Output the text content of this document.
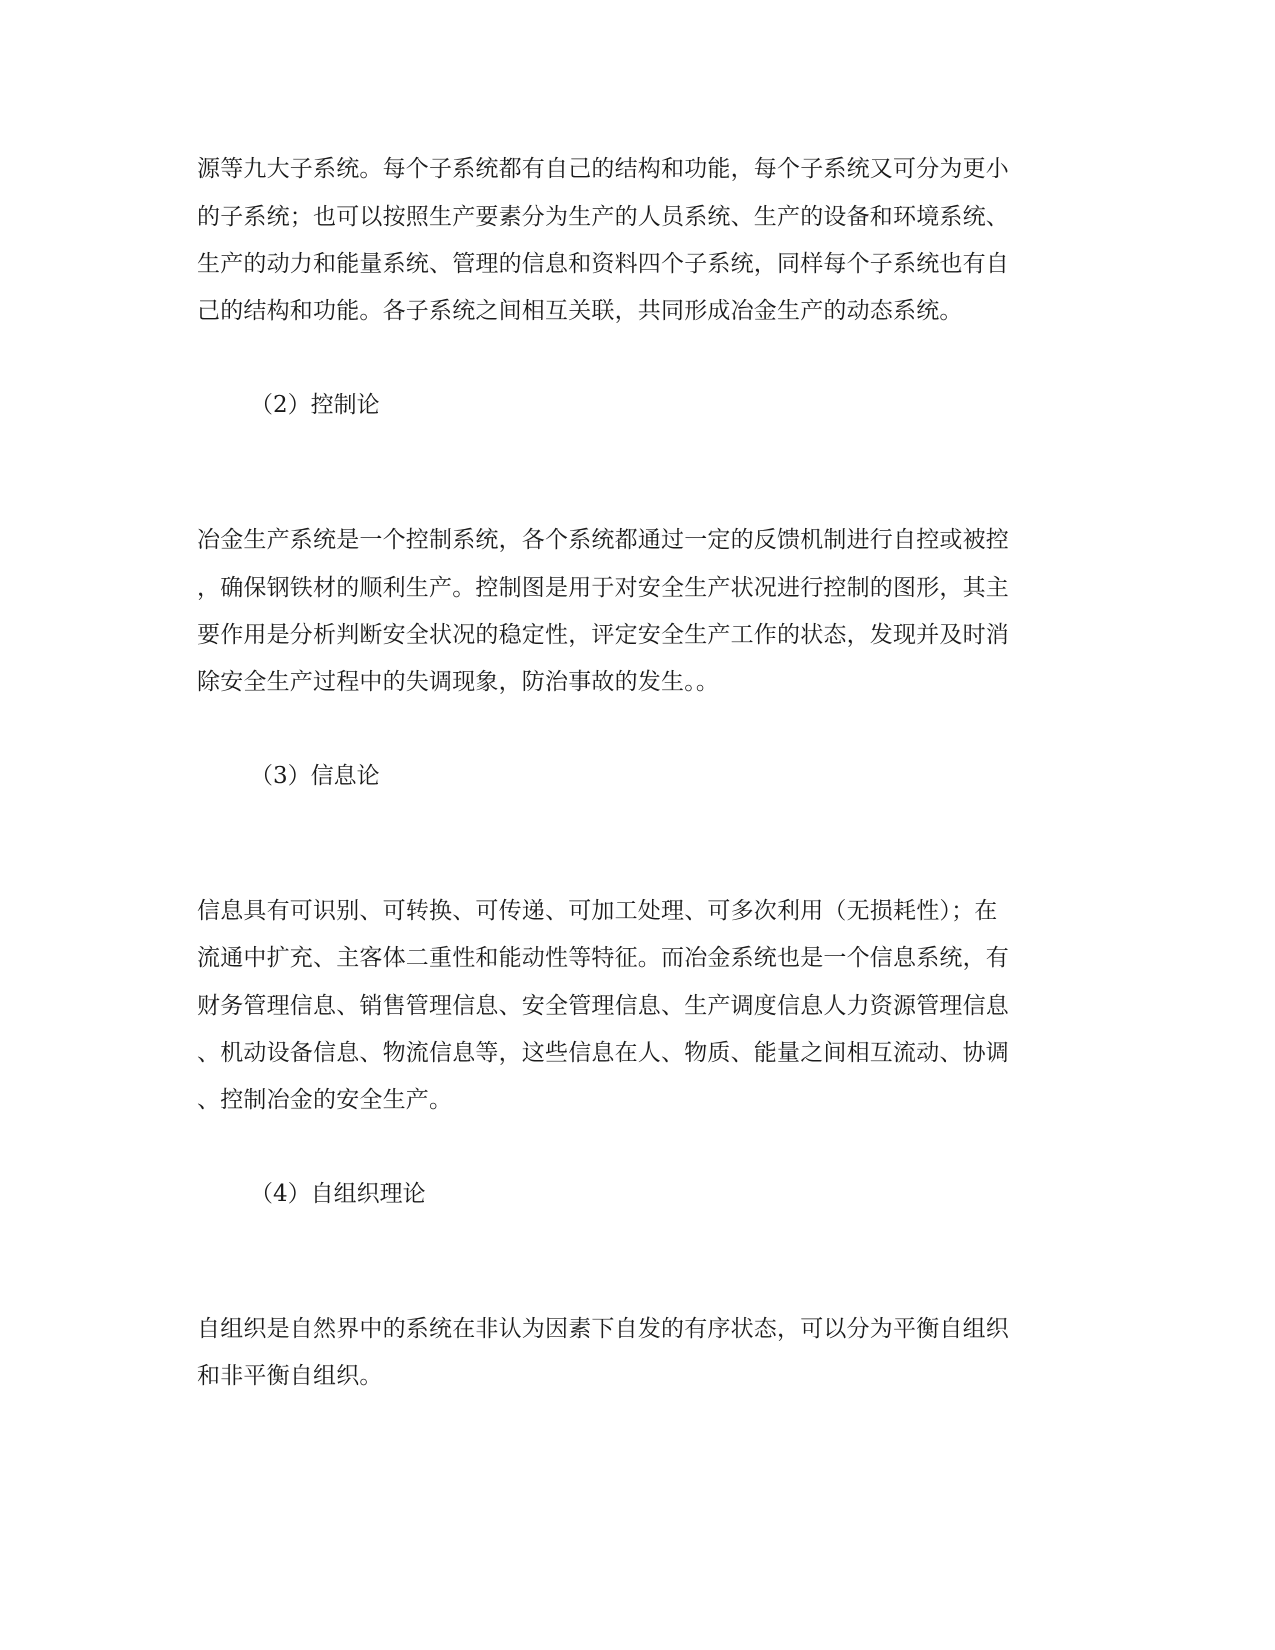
源等九大子系统。每个子系统都有自己的结构和功能，每个子系统又可分为更小
的子系统；也可以按照生产要素分为生产的人员系统、生产的设备和环境系统、
生产的动力和能量系统、管理的信息和资料四个子系统，同样每个子系统也有自
己的结构和功能。各子系统之间相互关联，共同形成冶金生产的动态系统。
（2）控制论
冶金生产系统是一个控制系统，各个系统都通过一定的反馈机制进行自控或被控
，确保钢铁材的顺利生产。控制图是用于对安全生产状况进行控制的图形，其主
要作用是分析判断安全状况的稳定性，评定安全生产工作的状态，发现并及时消
除安全生产过程中的失调现象，防治事故的发生。。
（3）信息论
信息具有可识别、可转换、可传递、可加工处理、可多次利用（无损耗性）；在
流通中扩充、主客体二重性和能动性等特征。而冶金系统也是一个信息系统，有
财务管理信息、销售管理信息、安全管理信息、生产调度信息人力资源管理信息
、机动设备信息、物流信息等，这些信息在人、物质、能量之间相互流动、协调
、控制冶金的安全生产。
（4）自组织理论
自组织是自然界中的系统在非认为因素下自发的有序状态，可以分为平衡自组织
和非平衡自组织。
